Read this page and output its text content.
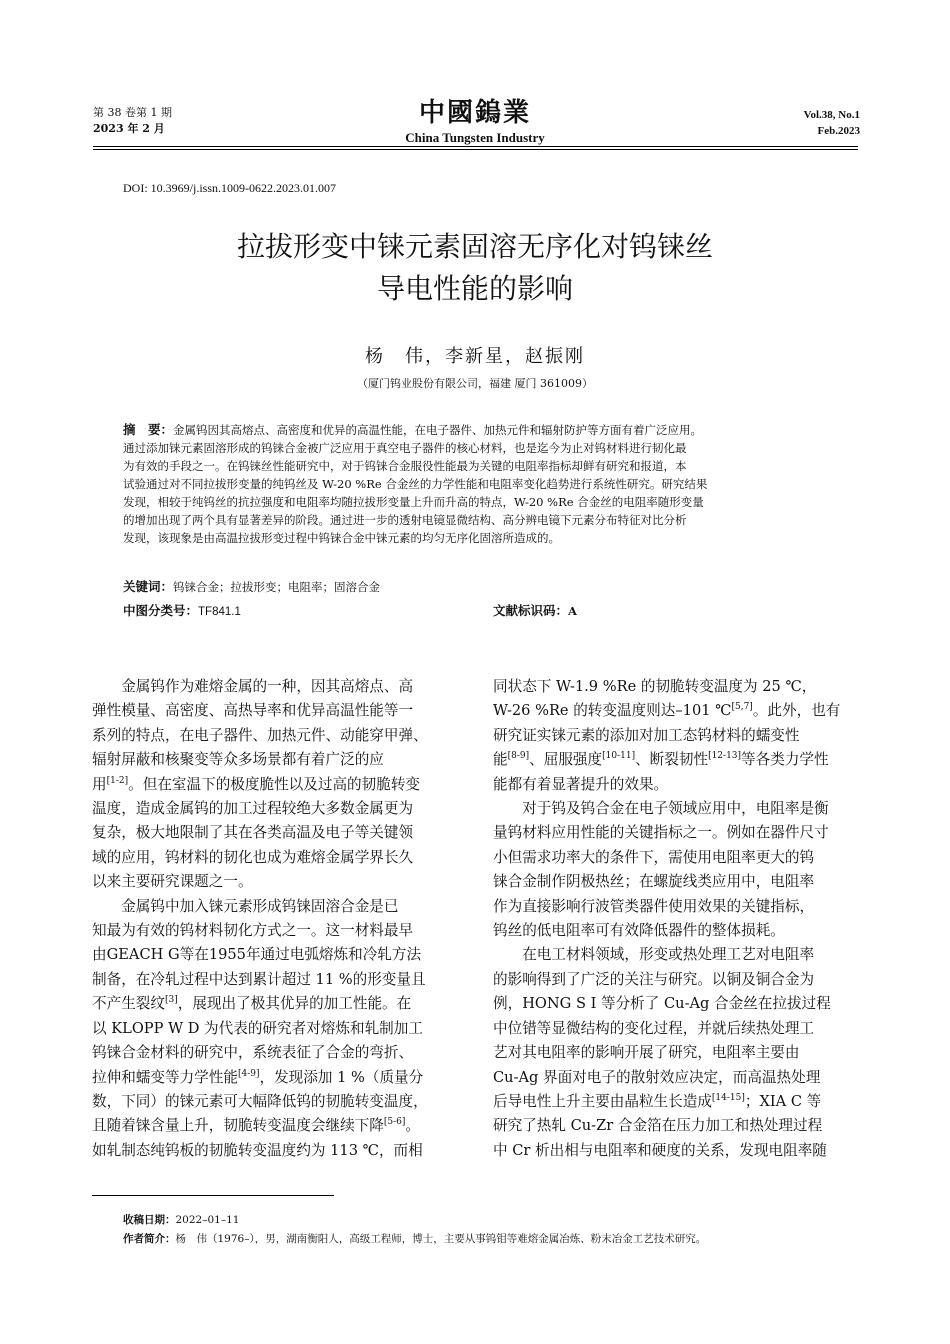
第 38 卷第 1 期
2023 年 2 月
中國鎢業
China Tungsten Industry
Vol.38, No.1
Feb.2023
DOI: 10.3969/j.issn.1009-0622.2023.01.007
拉拔形变中铼元素固溶无序化对钨铼丝
导电性能的影响
杨　伟，李新星，赵振刚
（厦门钨业股份有限公司，福建 厦门 361009）
摘　要：金属钨因其高熔点、高密度和优异的高温性能，在电子器件、加热元件和辐射防护等方面有着广泛应用。
通过添加铼元素固溶形成的钨铼合金被广泛应用于真空电子器件的核心材料，也是迄今为止对钨材料进行韧化最
为有效的手段之一。在钨铼丝性能研究中，对于钨铼合金服役性能最为关键的电阻率指标却鲜有研究和报道，本
试验通过对不同拉拔形变量的纯钨丝及 W-20 %Re 合金丝的力学性能和电阻率变化趋势进行系统性研究。研究结果
发现，相较于纯钨丝的抗拉强度和电阻率均随拉拔形变量上升而升高的特点，W-20 %Re 合金丝的电阻率随形变量
的增加出现了两个具有显著差异的阶段。通过进一步的透射电镜显微结构、高分辨电镜下元素分布特征对比分析
发现，该现象是由高温拉拔形变过程中钨铼合金中铼元素的均匀无序化固溶所造成的。
关键词：钨铼合金；拉拔形变；电阻率；固溶合金
中图分类号：TF841.1	文献标识码：A

金属钨作为难熔金属的一种，因其高熔点、高

弹性模量、高密度、高热导率和优异高温性能等一
系列的特点，在电子器件、加热元件、动能穿甲弹、
辐射屏蔽和核聚变等众多场景都有着广泛的应
用[1-2]。但在室温下的极度脆性以及过高的韧脆转变
温度，造成金属钨的加工过程较绝大多数金属更为
复杂，极大地限制了其在各类高温及电子等关键领
域的应用，钨材料的韧化也成为难熔金属学界长久
以来主要研究课题之一。

金属钨中加入铼元素形成钨铼固溶合金是已

知最为有效的钨材料韧化方式之一。这一材料最早
由GEACH G等在1955年通过电弧熔炼和冷轧方法
制备，在冷轧过程中达到累计超过 11 %的形变量且
不产生裂纹[3]，展现出了极其优异的加工性能。在
以 KLOPP W D 为代表的研究者对熔炼和轧制加工
钨铼合金材料的研究中，系统表征了合金的弯折、
拉伸和蠕变等力学性能[4-9]，发现添加 1 %（质量分
数，下同）的铼元素可大幅降低钨的韧脆转变温度，
且随着铼含量上升，韧脆转变温度会继续下降[5-6]。
如轧制态纯钨板的韧脆转变温度约为 113 ℃，而相
同状态下 W-1.9 %Re 的韧脆转变温度为 25 ℃，
W-26 %Re 的转变温度则达–101 ℃[5,7]。此外，也有
研究证实铼元素的添加对加工态钨材料的蠕变性
能[8-9]、屈服强度[10-11]、断裂韧性[12-13]等各类力学性
能都有着显著提升的效果。

对于钨及钨合金在电子领域应用中，电阻率是衡

量钨材料应用性能的关键指标之一。例如在器件尺寸
小但需求功率大的条件下，需使用电阻率更大的钨
铼合金制作阴极热丝；在螺旋线类应用中，电阻率
作为直接影响行波管类器件使用效果的关键指标，
钨丝的低电阻率可有效降低器件的整体损耗。

在电工材料领域，形变或热处理工艺对电阻率

的影响得到了广泛的关注与研究。以铜及铜合金为
例，HONG S I 等分析了 Cu-Ag 合金丝在拉拔过程
中位错等显微结构的变化过程，并就后续热处理工
艺对其电阻率的影响开展了研究，电阻率主要由
Cu-Ag 界面对电子的散射效应决定，而高温热处理
后导电性上升主要由晶粒生长造成[14-15]；XIA C 等
研究了热轧 Cu-Zr 合金箔在压力加工和热处理过程
中 Cr 析出相与电阻率和硬度的关系，发现电阻率随
收稿日期：2022–01–11
作者简介：杨　伟（1976–），男，湖南衡阳人，高级工程师，博士，主要从事钨钼等难熔金属冶炼、粉末冶金工艺技术研究。
